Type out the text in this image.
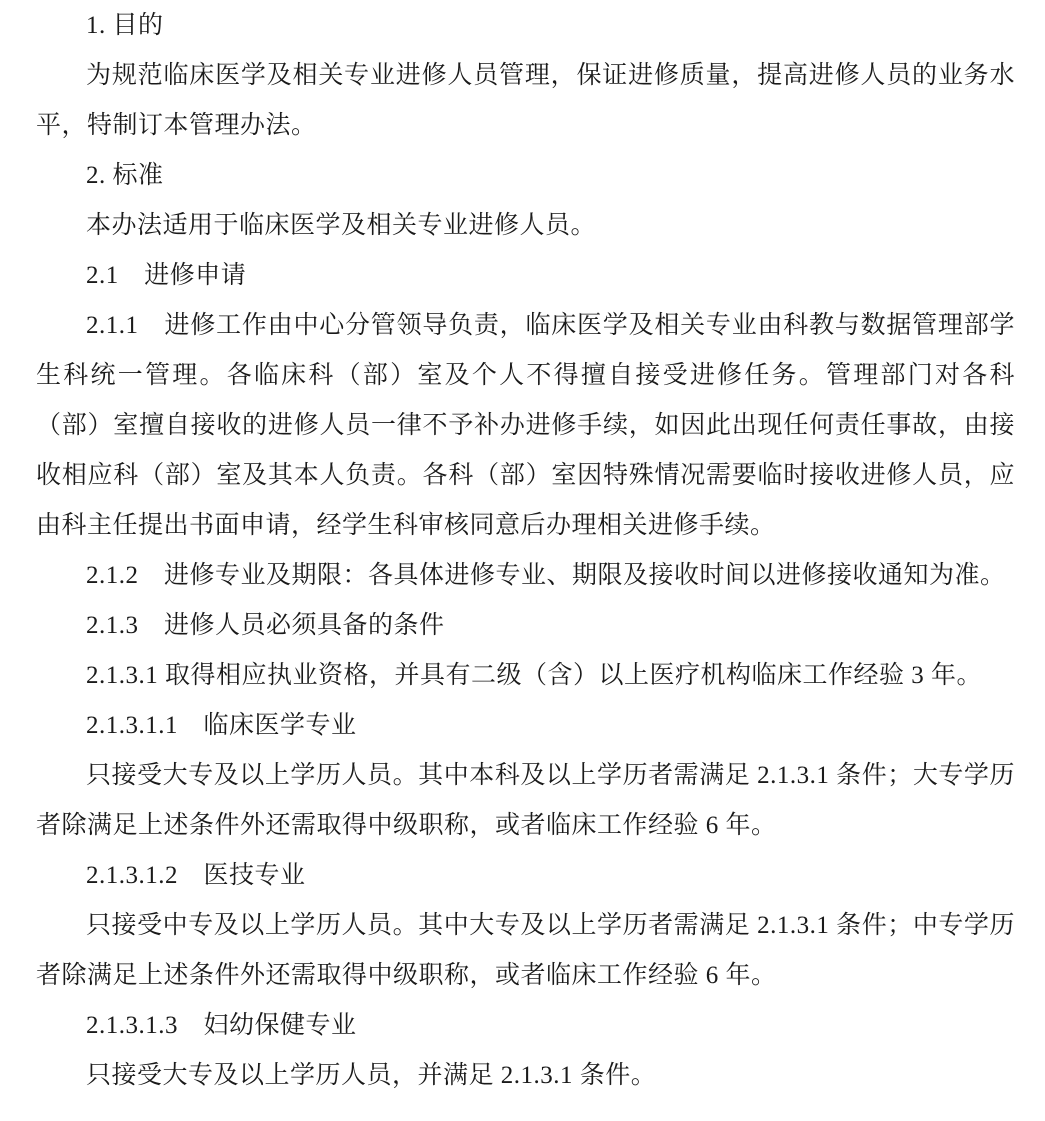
1. 目的

为规范临床医学及相关专业进修人员管理，保证进修质量，提高进修人员的业务水平，特制订本管理办法。

2. 标准

本办法适用于临床医学及相关专业进修人员。

2.1　进修申请

2.1.1　进修工作由中心分管领导负责，临床医学及相关专业由科教与数据管理部学生科统一管理。各临床科（部）室及个人不得擅自接受进修任务。管理部门对各科（部）室擅自接收的进修人员一律不予补办进修手续，如因此出现任何责任事故，由接收相应科（部）室及其本人负责。各科（部）室因特殊情况需要临时接收进修人员，应由科主任提出书面申请，经学生科审核同意后办理相关进修手续。

2.1.2　进修专业及期限：各具体进修专业、期限及接收时间以进修接收通知为准。

2.1.3　进修人员必须具备的条件

2.1.3.1 取得相应执业资格，并具有二级（含）以上医疗机构临床工作经验 3 年。

2.1.3.1.1　临床医学专业

只接受大专及以上学历人员。其中本科及以上学历者需满足 2.1.3.1 条件；大专学历者除满足上述条件外还需取得中级职称，或者临床工作经验 6 年。

2.1.3.1.2　医技专业

只接受中专及以上学历人员。其中大专及以上学历者需满足 2.1.3.1 条件；中专学历者除满足上述条件外还需取得中级职称，或者临床工作经验 6 年。

2.1.3.1.3　妇幼保健专业

只接受大专及以上学历人员，并满足 2.1.3.1 条件。
